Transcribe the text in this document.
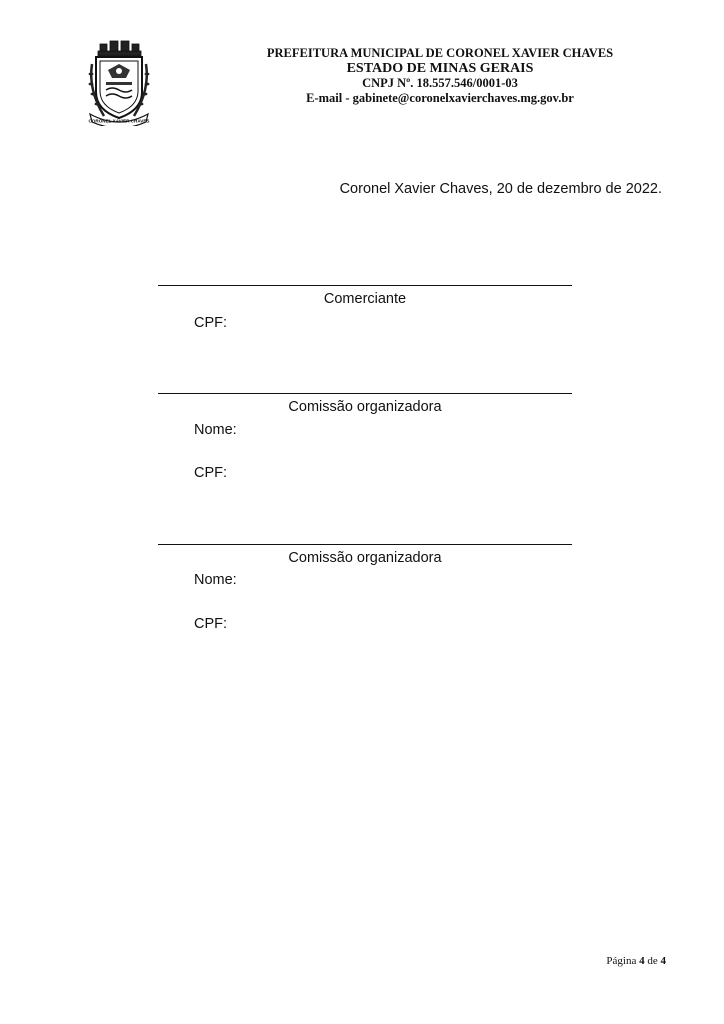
CORONEL XAVIER CHAVES
PREFEITURA MUNICIPAL DE CORONEL XAVIER CHAVES
ESTADO DE MINAS GERAIS
CNPJ Nº. 18.557.546/0001-03
E-mail - gabinete@coronelxavierchaves.mg.gov.br
Coronel Xavier Chaves, 20 de dezembro de 2022.
Comerciante
CPF:
Comissão organizadora
Nome:
CPF:
Comissão organizadora
Nome:
CPF:
Página 4 de 4
